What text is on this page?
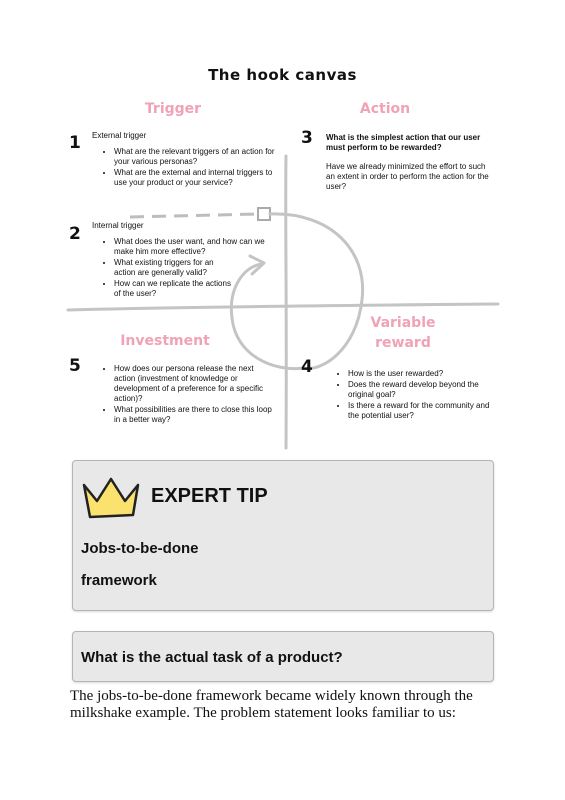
The hook canvas
Trigger	Action
Investment
Variable
reward
1 External trigger

• What are the relevant triggers of an action for your various personas?
• What are the external and internal triggers to use your product or your service?
2 Internal trigger

• What does the user want, and how can we make him more effective?
• What existing triggers for an action are generally valid?
• How can we replicate the actions of the user?
3 What is the simplest action that our user must perform to be rewarded?

Have we already minimized the effort to such an extent in order to perform the action for the user?

4	• How is the user rewarded?
• Does the reward develop beyond the original goal?
• Is there a reward for the community and the potential user?
5	• How does our persona release the next action (investment of knowledge or development of a preference for a specific action)?
• What possibilities are there to close this loop in a better way?
EXPERT TIP
Jobs-to-be-done
framework
What is the actual task of a product?

The jobs-to-be-done framework became widely known through the milkshake example. The problem statement looks familiar to us:
